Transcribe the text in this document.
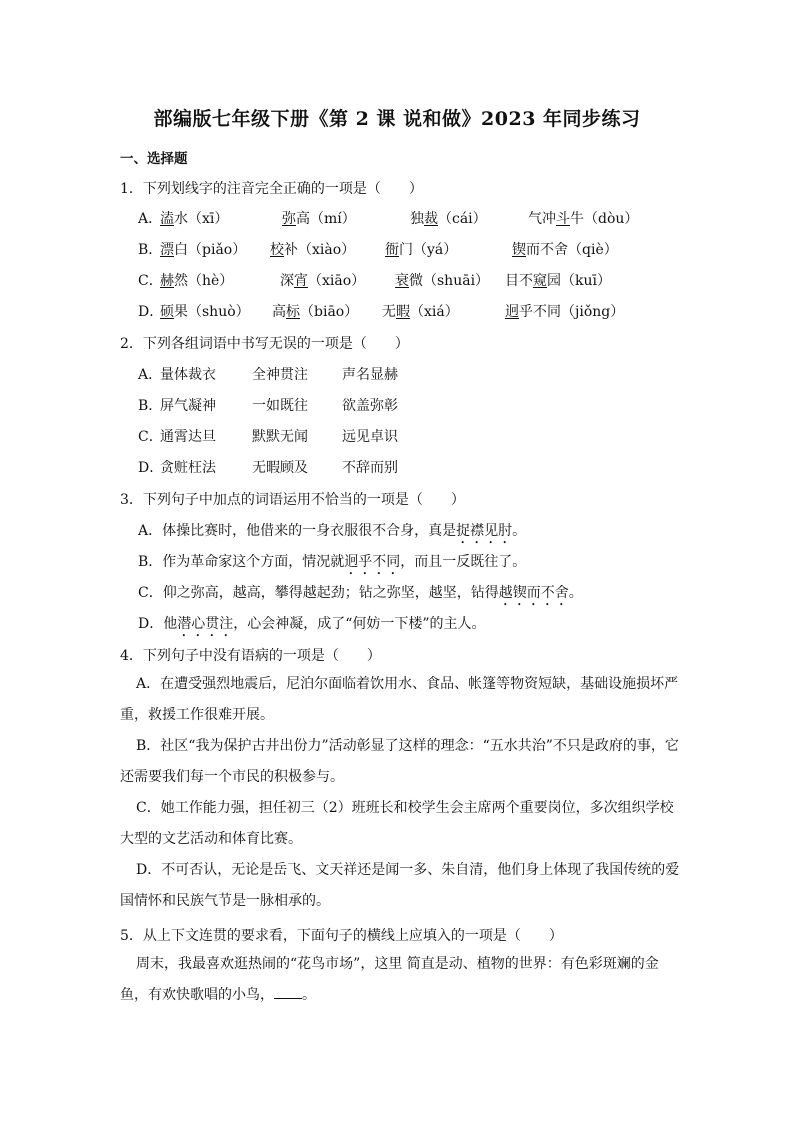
部编版七年级下册《第 2 课 说和做》2023 年同步练习
一、选择题
1．下列划线字的注音完全正确的一项是（　　）
A．
溘水（xī）	弥高（mí）	独裁（cái）	气冲斗牛（dòu）
B．
漂白（piǎo） 校补（xiào） 衙门（yá）	锲而不舍（qiè）
C．
赫然（hè）	深宵（xiāo） 衰微（shuāi） 目不窥园（kuī）
D．
硕果（shuò） 高标（biāo） 无暇（xiá）	迥乎不同（jiǒng）
2．下列各组词语中书写无误的一项是（　　）
A．
量体裁衣	全神贯注 声名显赫
B．
屏气凝神	一如既往 欲盖弥彰
C．
通霄达旦	默默无闻 远见卓识
D．
贪赃枉法	无暇顾及 不辞而别
3．下列句子中加点的词语运用不恰当的一项是（　　）
A．体操比赛时，他借来的一身衣服很不合身，真是捉襟见肘。
B．作为革命家这个方面，情况就迥乎不同，而且一反既往了。
C．仰之弥高，越高，攀得越起劲；钻之弥坚，越坚，钻得越锲而不舍。
D．他潜心贯注，心会神凝，成了“何妨一下楼”的主人。
4．下列句子中没有语病的一项是（　　）
A．在遭受强烈地震后，尼泊尔面临着饮用水、食品、帐篷等物资短缺，基础设施损坏严重，救援工作很难开展。
B．社区“我为保护古井出份力”活动彰显了这样的理念：“五水共治”不只是政府的事，它还需要我们每一个市民的积极参与。
C．她工作能力强，担任初三（2）班班长和校学生会主席两个重要岗位，多次组织学校大型的文艺活动和体育比赛。
D．不可否认，无论是岳飞、文天祥还是闻一多、朱自清，他们身上体现了我国传统的爱国情怀和民族气节是一脉相承的。
5．从上下文连贯的要求看，下面句子的横线上应填入的一项是（　　）
周末，我最喜欢逛热闹的“花鸟市场”，这里 简直是动、植物的世界：有色彩斑斓的金鱼，有欢快歌唱的小鸟， 。
